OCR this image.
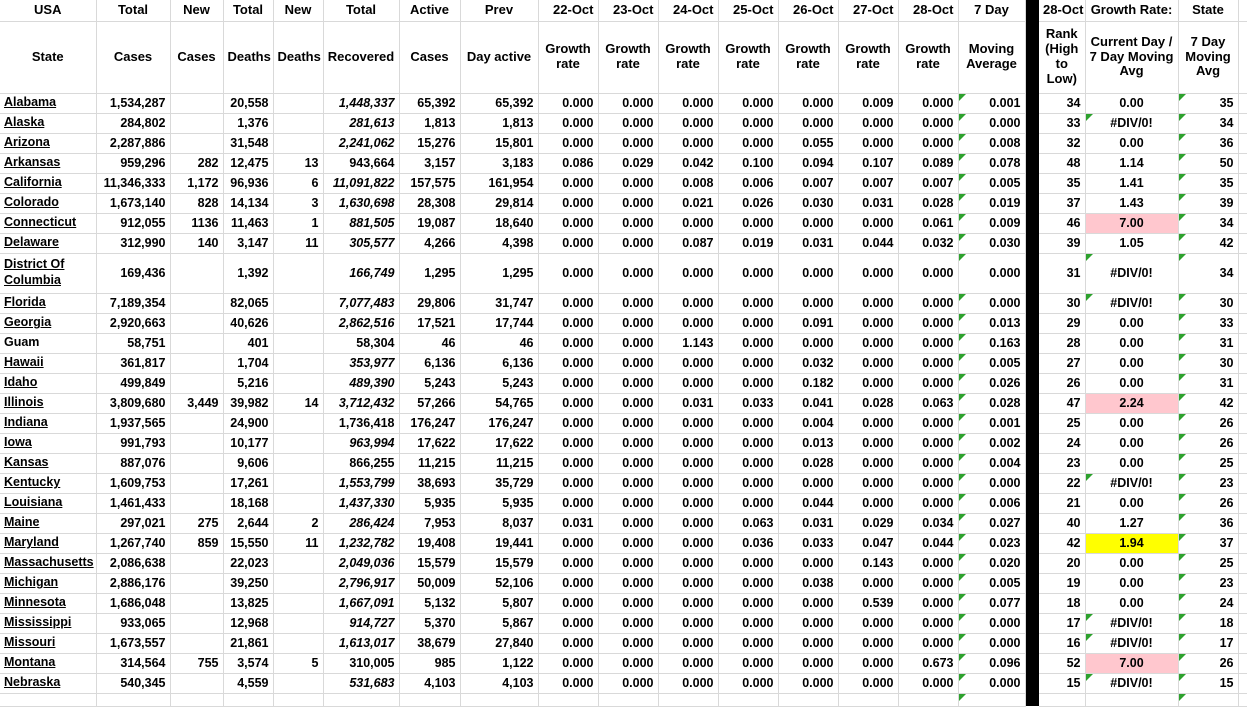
USA	Total	New	Total	New	Total	Active	Prev	22-Oct	23-Oct	24-Oct	25-Oct	26-Oct	27-Oct	28-Oct	7 Day		28-Oct	Growth Rate:	State	
State	Cases	Cases	Deaths	Deaths	Recovered	Cases	Day active	Growth rate	Growth rate	Growth rate	Growth rate	Growth rate	Growth rate	Growth rate	Moving Average		Rank (High to Low)	Current Day / 7 Day Moving Avg	7 Day Moving Avg	
Alabama	1,534,287		20,558		1,448,337	65,392	65,392	0.000	0.000	0.000	0.000	0.000	0.009	0.000	0.001		34	0.00	35	
Alaska	284,802		1,376		281,613	1,813	1,813	0.000	0.000	0.000	0.000	0.000	0.000	0.000	0.000		33	#DIV/0!	34	
Arizona	2,287,886		31,548		2,241,062	15,276	15,801	0.000	0.000	0.000	0.000	0.055	0.000	0.000	0.008		32	0.00	36	
Arkansas	959,296	282	12,475	13	943,664	3,157	3,183	0.086	0.029	0.042	0.100	0.094	0.107	0.089	0.078		48	1.14	50	
California	11,346,333	1,172	96,936	6	11,091,822	157,575	161,954	0.000	0.000	0.008	0.006	0.007	0.007	0.007	0.005		35	1.41	35	
Colorado	1,673,140	828	14,134	3	1,630,698	28,308	29,814	0.000	0.000	0.021	0.026	0.030	0.031	0.028	0.019		37	1.43	39	
Connecticut	912,055	1136	11,463	1	881,505	19,087	18,640	0.000	0.000	0.000	0.000	0.000	0.000	0.061	0.009		46	7.00	34	
Delaware	312,990	140	3,147	11	305,577	4,266	4,398	0.000	0.000	0.087	0.019	0.031	0.044	0.032	0.030		39	1.05	42	
District Of Columbia	169,436		1,392		166,749	1,295	1,295	0.000	0.000	0.000	0.000	0.000	0.000	0.000	0.000		31	#DIV/0!	34	
Florida	7,189,354		82,065		7,077,483	29,806	31,747	0.000	0.000	0.000	0.000	0.000	0.000	0.000	0.000		30	#DIV/0!	30	
Georgia	2,920,663		40,626		2,862,516	17,521	17,744	0.000	0.000	0.000	0.000	0.091	0.000	0.000	0.013		29	0.00	33	
Guam	58,751		401		58,304	46	46	0.000	0.000	1.143	0.000	0.000	0.000	0.000	0.163		28	0.00	31	
Hawaii	361,817		1,704		353,977	6,136	6,136	0.000	0.000	0.000	0.000	0.032	0.000	0.000	0.005		27	0.00	30	
Idaho	499,849		5,216		489,390	5,243	5,243	0.000	0.000	0.000	0.000	0.182	0.000	0.000	0.026		26	0.00	31	
Illinois	3,809,680	3,449	39,982	14	3,712,432	57,266	54,765	0.000	0.000	0.031	0.033	0.041	0.028	0.063	0.028		47	2.24	42	
Indiana	1,937,565		24,900		1,736,418	176,247	176,247	0.000	0.000	0.000	0.000	0.004	0.000	0.000	0.001		25	0.00	26	
Iowa	991,793		10,177		963,994	17,622	17,622	0.000	0.000	0.000	0.000	0.013	0.000	0.000	0.002		24	0.00	26	
Kansas	887,076		9,606		866,255	11,215	11,215	0.000	0.000	0.000	0.000	0.028	0.000	0.000	0.004		23	0.00	25	
Kentucky	1,609,753		17,261		1,553,799	38,693	35,729	0.000	0.000	0.000	0.000	0.000	0.000	0.000	0.000		22	#DIV/0!	23	
Louisiana	1,461,433		18,168		1,437,330	5,935	5,935	0.000	0.000	0.000	0.000	0.044	0.000	0.000	0.006		21	0.00	26	
Maine	297,021	275	2,644	2	286,424	7,953	8,037	0.031	0.000	0.000	0.063	0.031	0.029	0.034	0.027		40	1.27	36	
Maryland	1,267,740	859	15,550	11	1,232,782	19,408	19,441	0.000	0.000	0.000	0.036	0.033	0.047	0.044	0.023		42	1.94	37	
Massachusetts	2,086,638		22,023		2,049,036	15,579	15,579	0.000	0.000	0.000	0.000	0.000	0.143	0.000	0.020		20	0.00	25	
Michigan	2,886,176		39,250		2,796,917	50,009	52,106	0.000	0.000	0.000	0.000	0.038	0.000	0.000	0.005		19	0.00	23	
Minnesota	1,686,048		13,825		1,667,091	5,132	5,807	0.000	0.000	0.000	0.000	0.000	0.539	0.000	0.077		18	0.00	24	
Mississippi	933,065		12,968		914,727	5,370	5,867	0.000	0.000	0.000	0.000	0.000	0.000	0.000	0.000		17	#DIV/0!	18	
Missouri	1,673,557		21,861		1,613,017	38,679	27,840	0.000	0.000	0.000	0.000	0.000	0.000	0.000	0.000		16	#DIV/0!	17	
Montana	314,564	755	3,574	5	310,005	985	1,122	0.000	0.000	0.000	0.000	0.000	0.000	0.673	0.096		52	7.00	26	
Nebraska	540,345		4,559		531,683	4,103	4,103	0.000	0.000	0.000	0.000	0.000	0.000	0.000	0.000		15	#DIV/0!	15	
